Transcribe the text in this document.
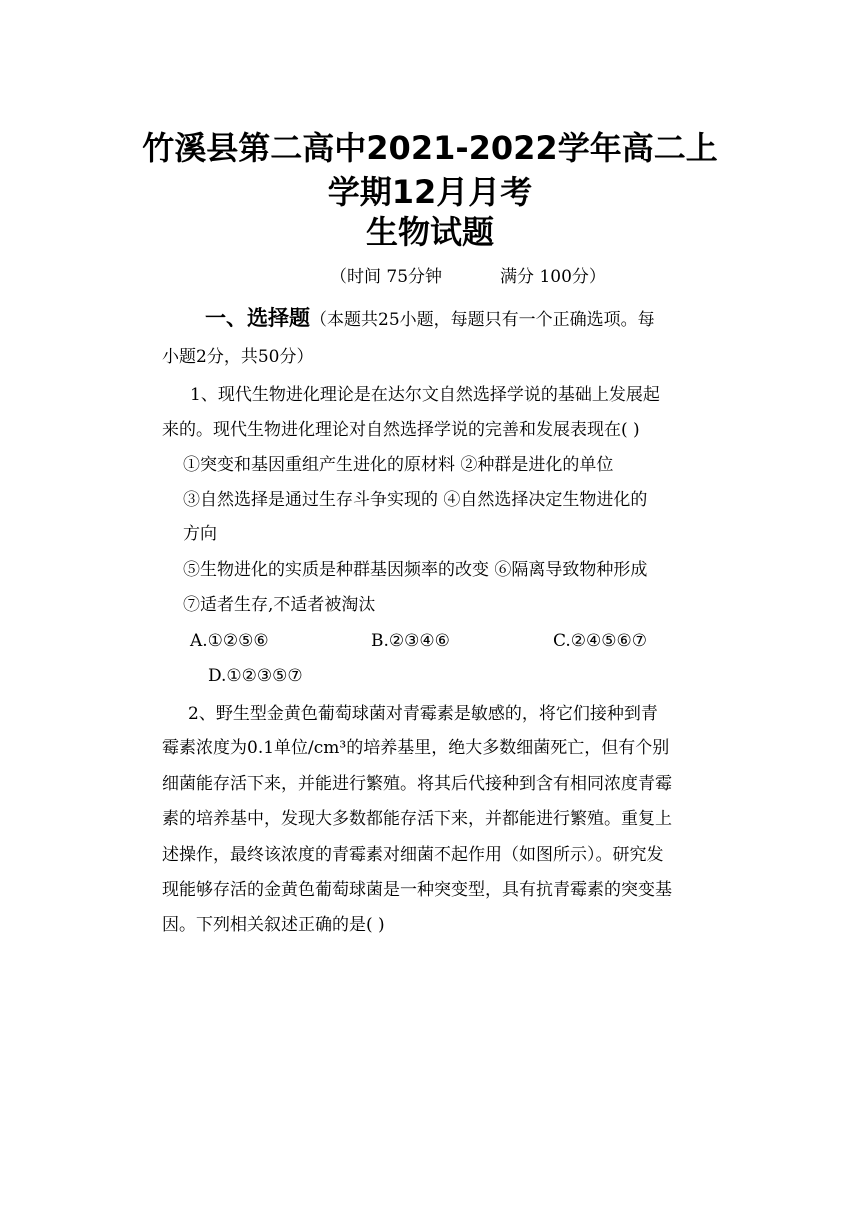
竹溪县第二高中2021-2022学年高二上
学期12月月考
生物试题
（时间 75分钟	满分 100分）
一、选择题（本题共25小题，每题只有一个正确选项。每
小题2分，共50分）
1、现代生物进化理论是在达尔文自然选择学说的基础上发展起
来的。现代生物进化理论对自然选择学说的完善和发展表现在( )
①突变和基因重组产生进化的原材料 ②种群是进化的单位
③自然选择是通过生存斗争实现的 ④自然选择决定生物进化的
方向
⑤生物进化的实质是种群基因频率的改变 ⑥隔离导致物种形成
⑦适者生存,不适者被淘汰
A.①②⑤⑥	B.②③④⑥	C.②④⑤⑥⑦
D.①②③⑤⑦
2、野生型金黄色葡萄球菌对青霉素是敏感的，将它们接种到青
霉素浓度为0.1单位/cm³的培养基里，绝大多数细菌死亡，但有个别
细菌能存活下来，并能进行繁殖。将其后代接种到含有相同浓度青霉
素的培养基中，发现大多数都能存活下来，并都能进行繁殖。重复上
述操作，最终该浓度的青霉素对细菌不起作用（如图所示）。研究发
现能够存活的金黄色葡萄球菌是一种突变型，具有抗青霉素的突变基
因。下列相关叙述正确的是( )
